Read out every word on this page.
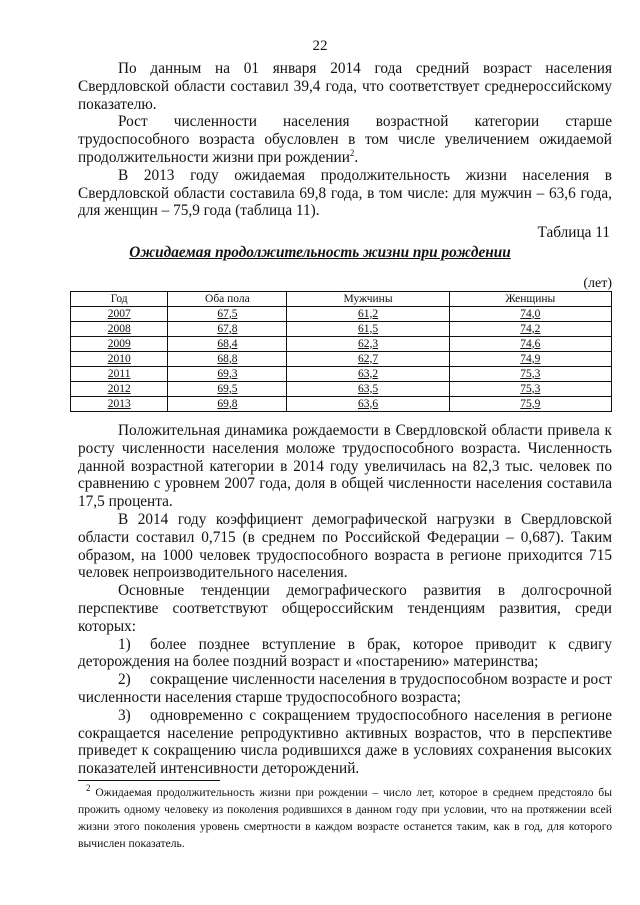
22

По данным на 01 января 2014 года средний возраст населения Свердловской области составил 39,4 года, что соответствует среднероссийскому показателю.

Рост численности населения возрастной категории старше трудоспособного возраста обусловлен в том числе увеличением ожидаемой продолжительности жизни при рождении$^2$.

В 2013 году ожидаемая продолжительность жизни населения в Свердловской области составила 69,8 года, в том числе: для мужчин – 63,6 года, для женщин – 75,9 года (таблица 11).

Таблица 11
Ожидаемая продолжительность жизни при рождении
(лет)
Год	Оба пола	Мужчины	Женщины
2007	67,5	61,2	74,0
2008	67,8	61,5	74,2
2009	68,4	62,3	74,6
2010	68,8	62,7	74,9
2011	69,3	63,2	75,3
2012	69,5	63,5	75,3
2013	69,8	63,6	75,9

Положительная динамика рождаемости в Свердловской области привела к росту численности населения моложе трудоспособного возраста. Численность данной возрастной категории в 2014 году увеличилась на 82,3 тыс. человек по сравнению с уровнем 2007 года, доля в общей численности населения составила 17,5 процента.

В 2014 году коэффициент демографической нагрузки в Свердловской области составил 0,715 (в среднем по Российской Федерации – 0,687). Таким образом, на 1000 человек трудоспособного возраста в регионе приходится 715 человек непроизводительного населения.

Основные тенденции демографического развития в долгосрочной перспективе соответствуют общероссийским тенденциям развития, среди которых:

1) более позднее вступление в брак, которое приводит к сдвигу деторождения на более поздний возраст и «постарению» материнства;

2) сокращение численности населения в трудоспособном возрасте и рост численности населения старше трудоспособного возраста;

3) одновременно с сокращением трудоспособного населения в регионе сокращается население репродуктивно активных возрастов, что в перспективе приведет к сокращению числа родившихся даже в условиях сохранения высоких показателей интенсивности деторождений.

$^2$ Ожидаемая продолжительность жизни при рождении – число лет, которое в среднем предстояло бы прожить одному человеку из поколения родившихся в данном году при условии, что на протяжении всей жизни этого поколения уровень смертности в каждом возрасте останется таким, как в год, для которого вычислен показатель.
